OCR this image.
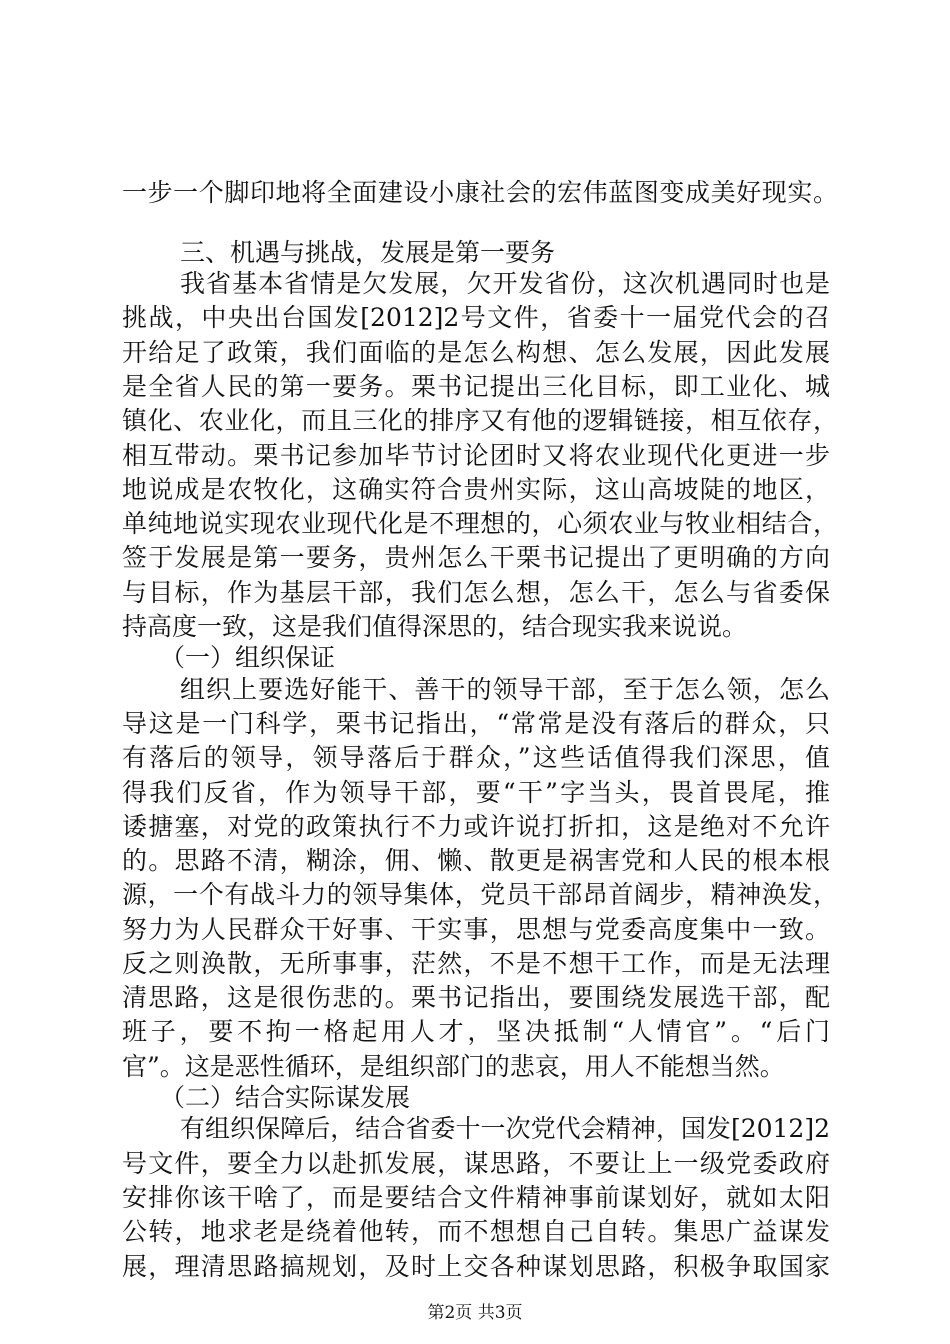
一步一个脚印地将全面建设小康社会的宏伟蓝图变成美好现实。
三、机遇与挑战，发展是第一要务
我省基本省情是欠发展，欠开发省份，这次机遇同时也是
挑战，中央出台国发[2012]2号文件，省委十一届党代会的召
开给足了政策，我们面临的是怎么构想、怎么发展，因此发展
是全省人民的第一要务。栗书记提出三化目标，即工业化、城
镇化、农业化，而且三化的排序又有他的逻辑链接，相互依存，
相互带动。栗书记参加毕节讨论团时又将农业现代化更进一步
地说成是农牧化，这确实符合贵州实际，这山高坡陡的地区，
单纯地说实现农业现代化是不理想的，心须农业与牧业相结合，
签于发展是第一要务，贵州怎么干栗书记提出了更明确的方向
与目标，作为基层干部，我们怎么想，怎么干，怎么与省委保
持高度一致，这是我们值得深思的，结合现实我来说说。
（一）组织保证
组织上要选好能干、善干的领导干部，至于怎么领，怎么
导这是一门科学，栗书记指出，“常常是没有落后的群众，只
有落后的领导，领导落后于群众，”这些话值得我们深思，值
得我们反省，作为领导干部，要“干”字当头，畏首畏尾，推
诿搪塞，对党的政策执行不力或许说打折扣，这是绝对不允许
的。思路不清，糊涂，佣、懒、散更是祸害党和人民的根本根
源，一个有战斗力的领导集体，党员干部昂首阔步，精神涣发，
努力为人民群众干好事、干实事，思想与党委高度集中一致。
反之则涣散，无所事事，茫然，不是不想干工作，而是无法理
清思路，这是很伤悲的。栗书记指出，要围绕发展选干部，配
班子，要不拘一格起用人才，坚决抵制“人情官”。“后门
官”。这是恶性循环，是组织部门的悲哀，用人不能想当然。
（二）结合实际谋发展
有组织保障后，结合省委十一次党代会精神，国发[2012]2
号文件，要全力以赴抓发展，谋思路，不要让上一级党委政府
安排你该干啥了，而是要结合文件精神事前谋划好，就如太阳
公转，地求老是绕着他转，而不想想自己自转。集思广益谋发
展，理清思路搞规划，及时上交各种谋划思路，积极争取国家
第2页 共3页
